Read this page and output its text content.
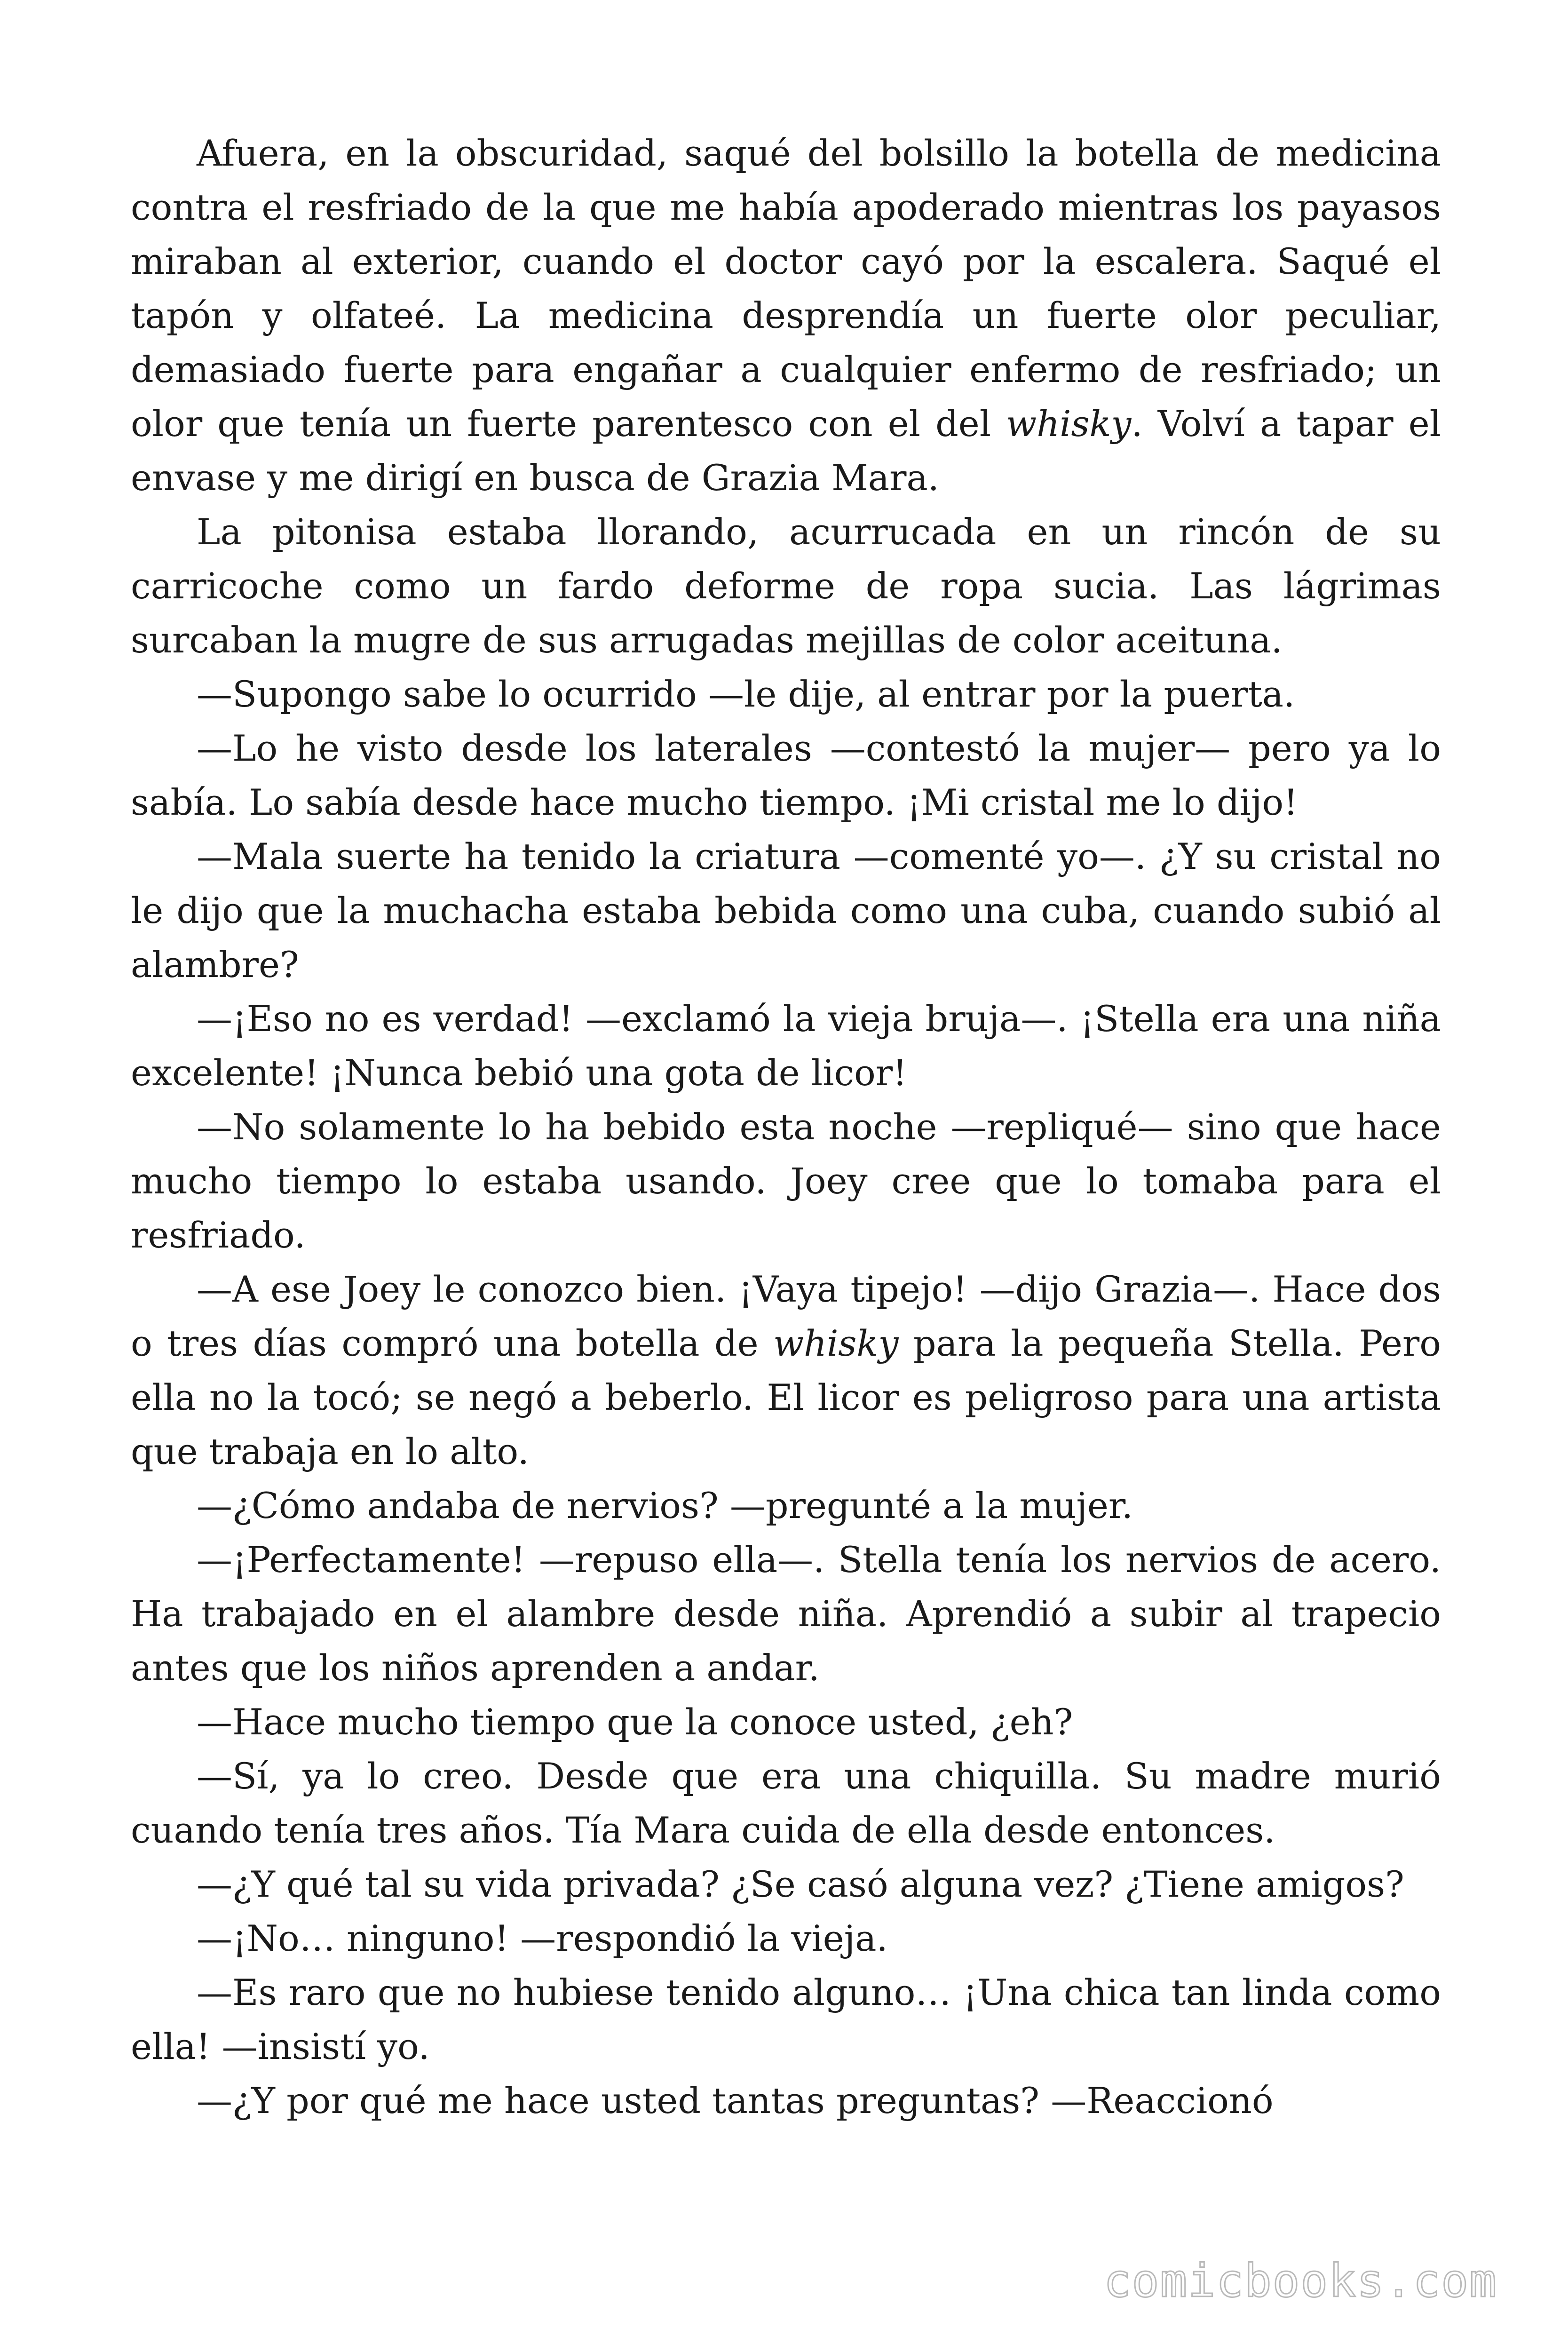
Afuera, en la obscuridad, saqué del bolsillo la botella de medicina contra el resfriado de la que me había apoderado mientras los payasos miraban al exterior, cuando el doctor cayó por la escalera. Saqué el tapón y olfateé. La medicina desprendía un fuerte olor peculiar, demasiado fuerte para engañar a cualquier enfermo de resfriado; un olor que tenía un fuerte parentesco con el del whisky. Volví a tapar el envase y me dirigí en busca de Grazia Mara.

La pitonisa estaba llorando, acurrucada en un rincón de su carricoche como un fardo deforme de ropa sucia. Las lágrimas surcaban la mugre de sus arrugadas mejillas de color aceituna.

—Supongo sabe lo ocurrido —le dije, al entrar por la puerta.

—Lo he visto desde los laterales —contestó la mujer— pero ya lo sabía. Lo sabía desde hace mucho tiempo. ¡Mi cristal me lo dijo!

—Mala suerte ha tenido la criatura —comenté yo—. ¿Y su cristal no le dijo que la muchacha estaba bebida como una cuba, cuando subió al alambre?

—¡Eso no es verdad! —exclamó la vieja bruja—. ¡Stella era una niña excelente! ¡Nunca bebió una gota de licor!

—No solamente lo ha bebido esta noche —repliqué— sino que hace mucho tiempo lo estaba usando. Joey cree que lo tomaba para el resfriado.

—A ese Joey le conozco bien. ¡Vaya tipejo! —dijo Grazia—. Hace dos o tres días compró una botella de whisky para la pequeña Stella. Pero ella no la tocó; se negó a beberlo. El licor es peligroso para una artista que trabaja en lo alto.

—¿Cómo andaba de nervios? —pregunté a la mujer.

—¡Perfectamente! —repuso ella—. Stella tenía los nervios de acero. Ha trabajado en el alambre desde niña. Aprendió a subir al trapecio antes que los niños aprenden a andar.

—Hace mucho tiempo que la conoce usted, ¿eh?

—Sí, ya lo creo. Desde que era una chiquilla. Su madre murió cuando tenía tres años. Tía Mara cuida de ella desde entonces.

—¿Y qué tal su vida privada? ¿Se casó alguna vez? ¿Tiene amigos?

—¡No… ninguno! —respondió la vieja.

—Es raro que no hubiese tenido alguno… ¡Una chica tan linda como ella! —insistí yo.

—¿Y por qué me hace usted tantas preguntas? —Reaccionó

comicbooks.com
